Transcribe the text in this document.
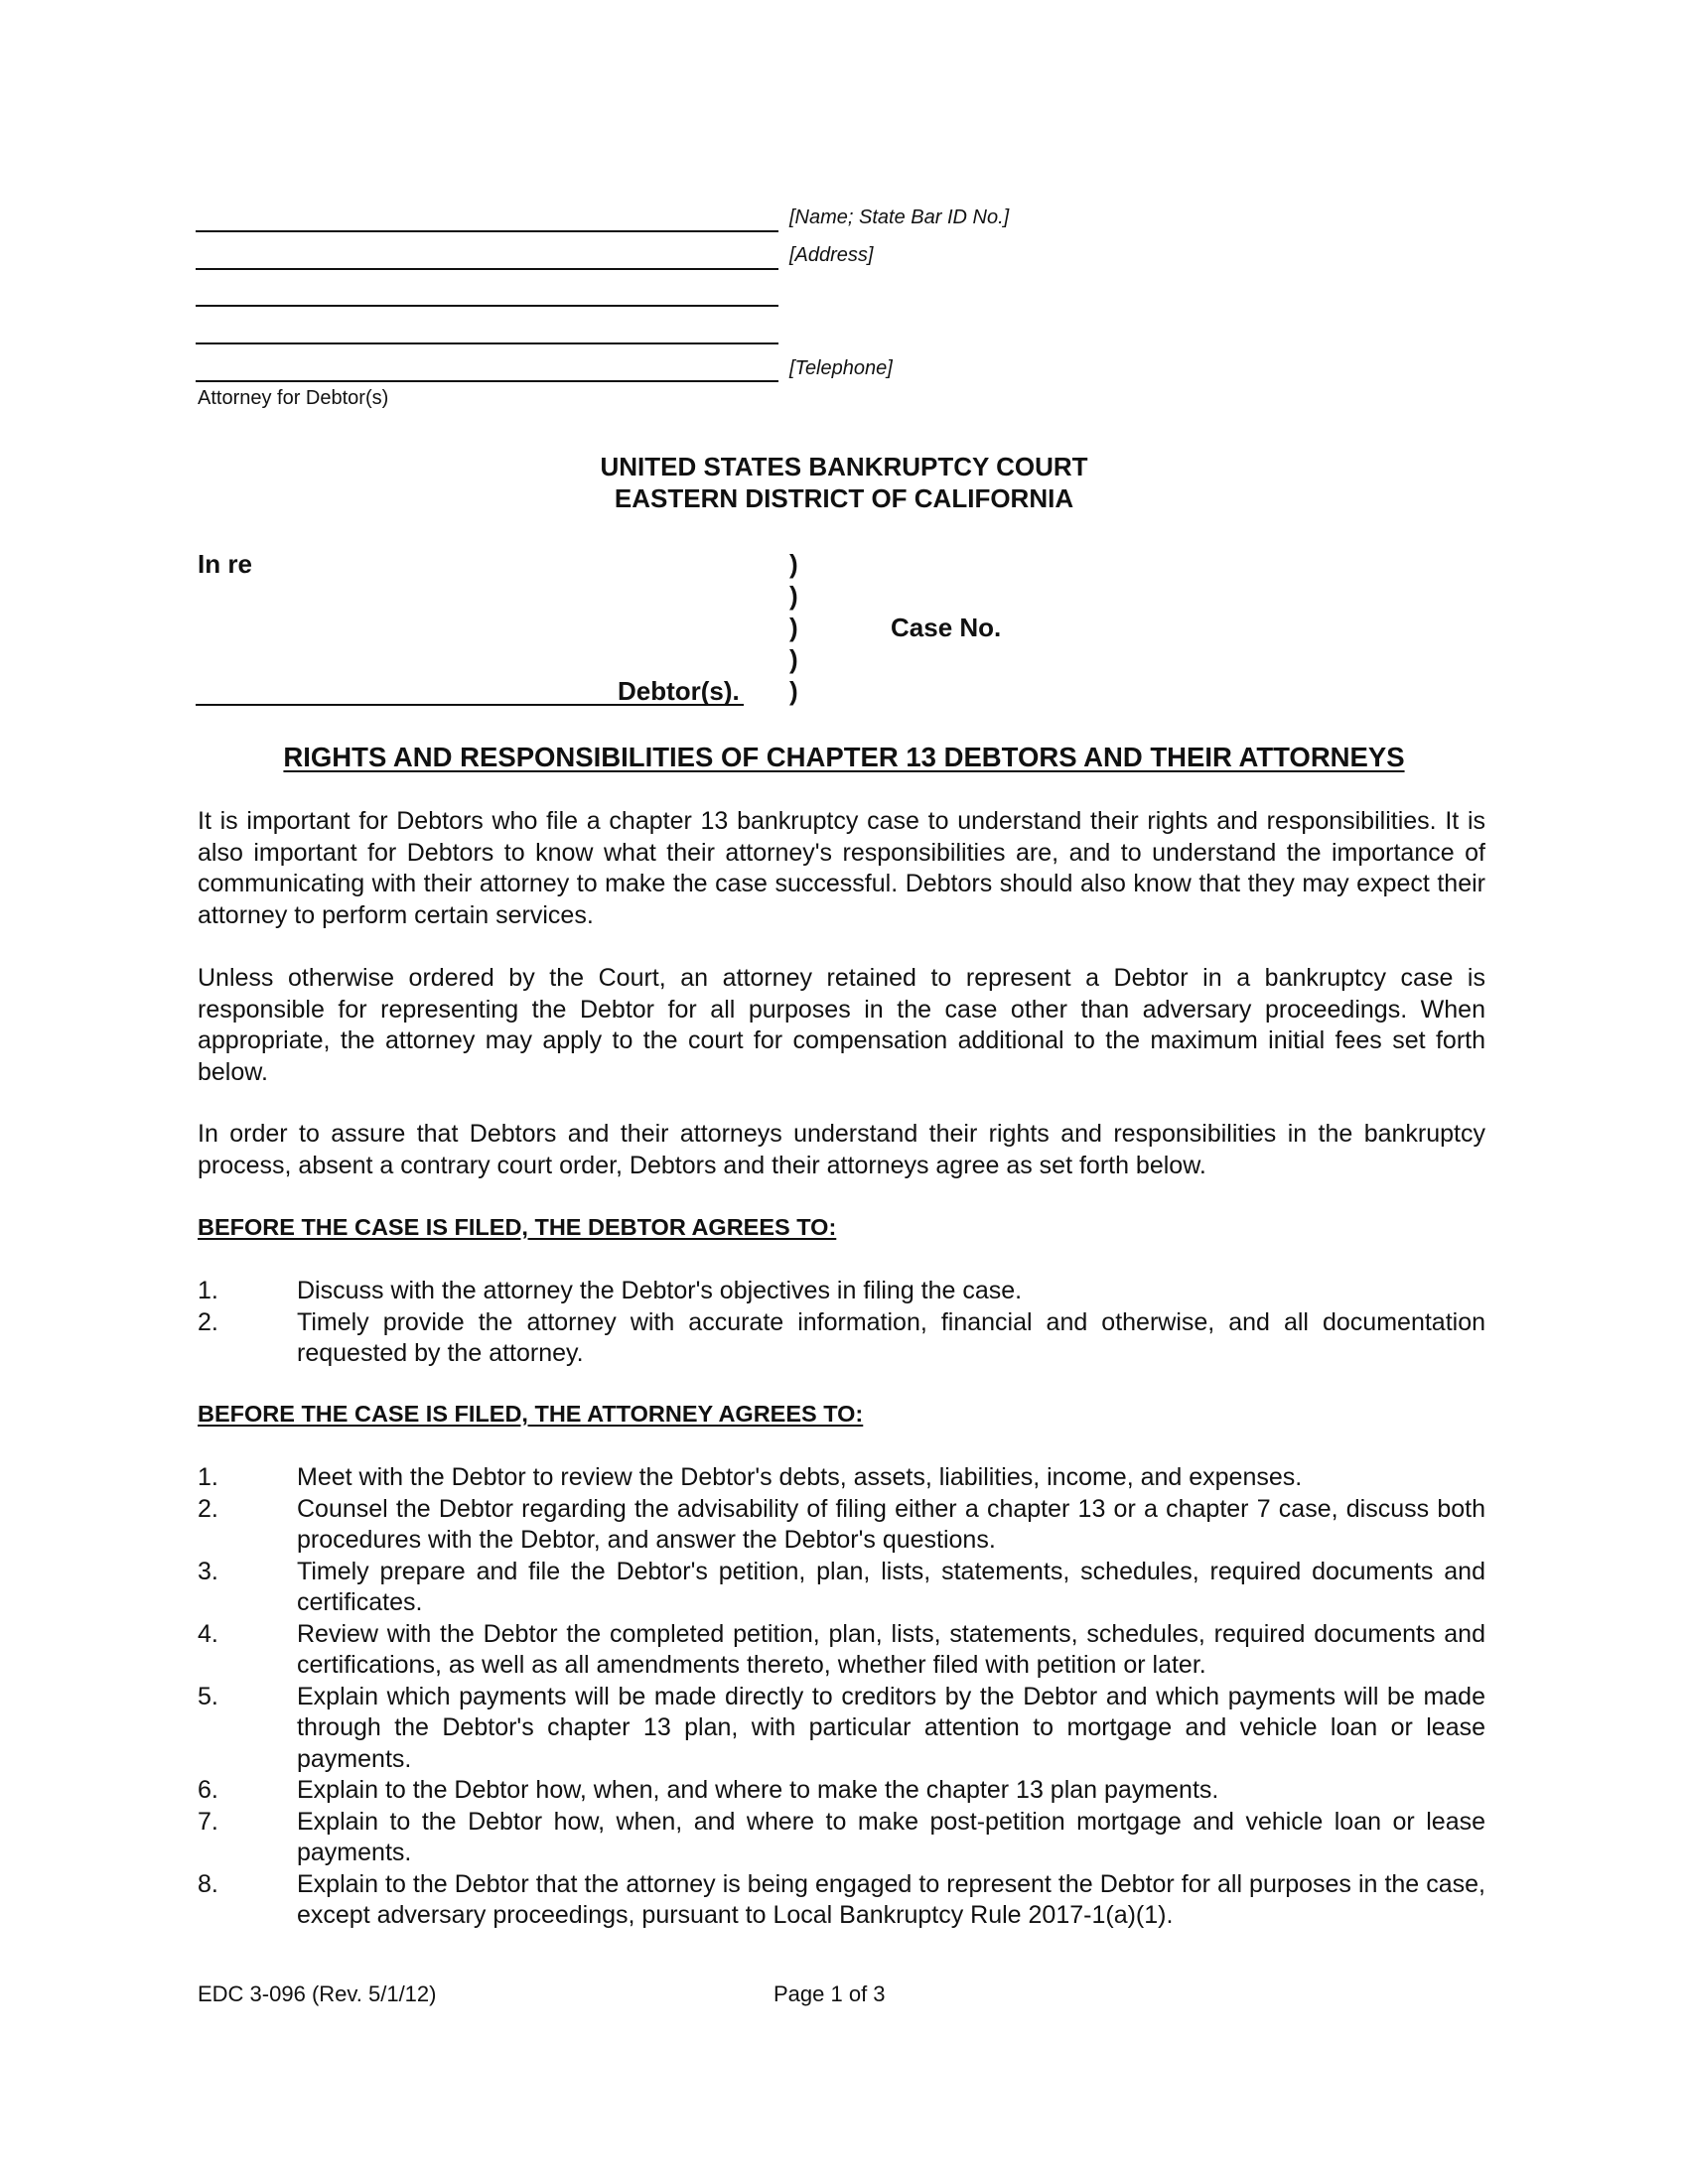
[Name; State Bar ID No.]
[Address]
[Telephone]
Attorney for Debtor(s)
UNITED STATES BANKRUPTCY COURT
EASTERN DISTRICT OF CALIFORNIA
In re	)
)
)
)
)
Case No.
Debtor(s).
RIGHTS AND RESPONSIBILITIES OF CHAPTER 13 DEBTORS AND THEIR ATTORNEYS
It is important for Debtors who file a chapter 13 bankruptcy case to understand their rights and responsibilities. It is also important for Debtors to know what their attorney's responsibilities are, and to understand the importance of communicating with their attorney to make the case successful. Debtors should also know that they may expect their attorney to perform certain services.
Unless otherwise ordered by the Court, an attorney retained to represent a Debtor in a bankruptcy case is responsible for representing the Debtor for all purposes in the case other than adversary proceedings. When appropriate, the attorney may apply to the court for compensation additional to the maximum initial fees set forth below.
In order to assure that Debtors and their attorneys understand their rights and responsibilities in the bankruptcy process, absent a contrary court order, Debtors and their attorneys agree as set forth below.
BEFORE THE CASE IS FILED, THE DEBTOR AGREES TO:
1.	Discuss with the attorney the Debtor's objectives in filing the case.
2.	Timely provide the attorney with accurate information, financial and otherwise, and all documentation requested by the attorney.
BEFORE THE CASE IS FILED, THE ATTORNEY AGREES TO:
1.	Meet with the Debtor to review the Debtor's debts, assets, liabilities, income, and expenses.
2.	Counsel the Debtor regarding the advisability of filing either a chapter 13 or a chapter 7 case, discuss both procedures with the Debtor, and answer the Debtor's questions.
3.	Timely prepare and file the Debtor's petition, plan, lists, statements, schedules, required documents and certificates.
4.	Review with the Debtor the completed petition, plan, lists, statements, schedules, required documents and certifications, as well as all amendments thereto, whether filed with petition or later.
5.	Explain which payments will be made directly to creditors by the Debtor and which payments will be made through the Debtor's chapter 13 plan, with particular attention to mortgage and vehicle loan or lease payments.
6.	Explain to the Debtor how, when, and where to make the chapter 13 plan payments.
7.	Explain to the Debtor how, when, and where to make post-petition mortgage and vehicle loan or lease payments.
8.	Explain to the Debtor that the attorney is being engaged to represent the Debtor for all purposes in the case, except adversary proceedings, pursuant to Local Bankruptcy Rule 2017-1(a)(1).
EDC 3-096 (Rev. 5/1/12)	Page 1 of 3
